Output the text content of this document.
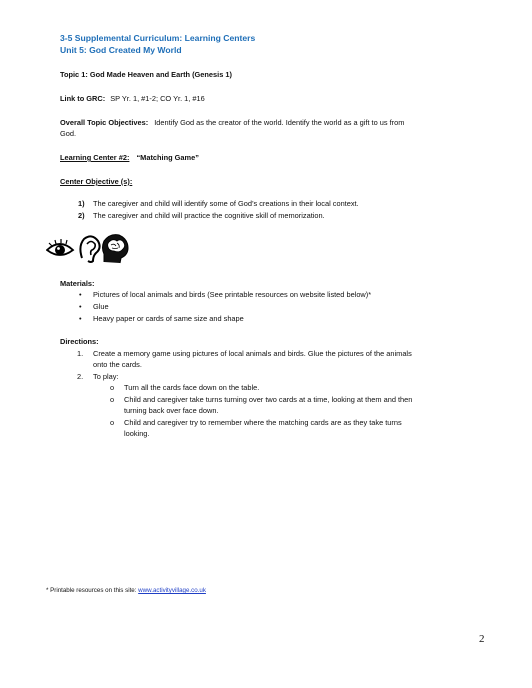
3-5 Supplemental Curriculum: Learning Centers
Unit 5: God Created My World
Topic 1: God Made Heaven and Earth (Genesis 1)
Link to GRC: SP Yr. 1, #1-2; CO Yr. 1, #16
Overall Topic Objectives: Identify God as the creator of the world. Identify the world as a gift to us from
God.
Learning Center #2: “Matching Game”
Center Objective (s):
1) The caregiver and child will identify some of God’s creations in their local context.
2) The caregiver and child will practice the cognitive skill of memorization.
Materials:
• Pictures of local animals and birds (See printable resources on website listed below)*
• Glue
• Heavy paper or cards of same size and shape
Directions:
1. Create a memory game using pictures of local animals and birds. Glue the pictures of the animals
onto the cards.
2. To play:
o Turn all the cards face down on the table.
o Child and caregiver take turns turning over two cards at a time, looking at them and then
turning back over face down.
o Child and caregiver try to remember where the matching cards are as they take turns
looking.
* Printable resources on this site: www.activityvillage.co.uk
2
